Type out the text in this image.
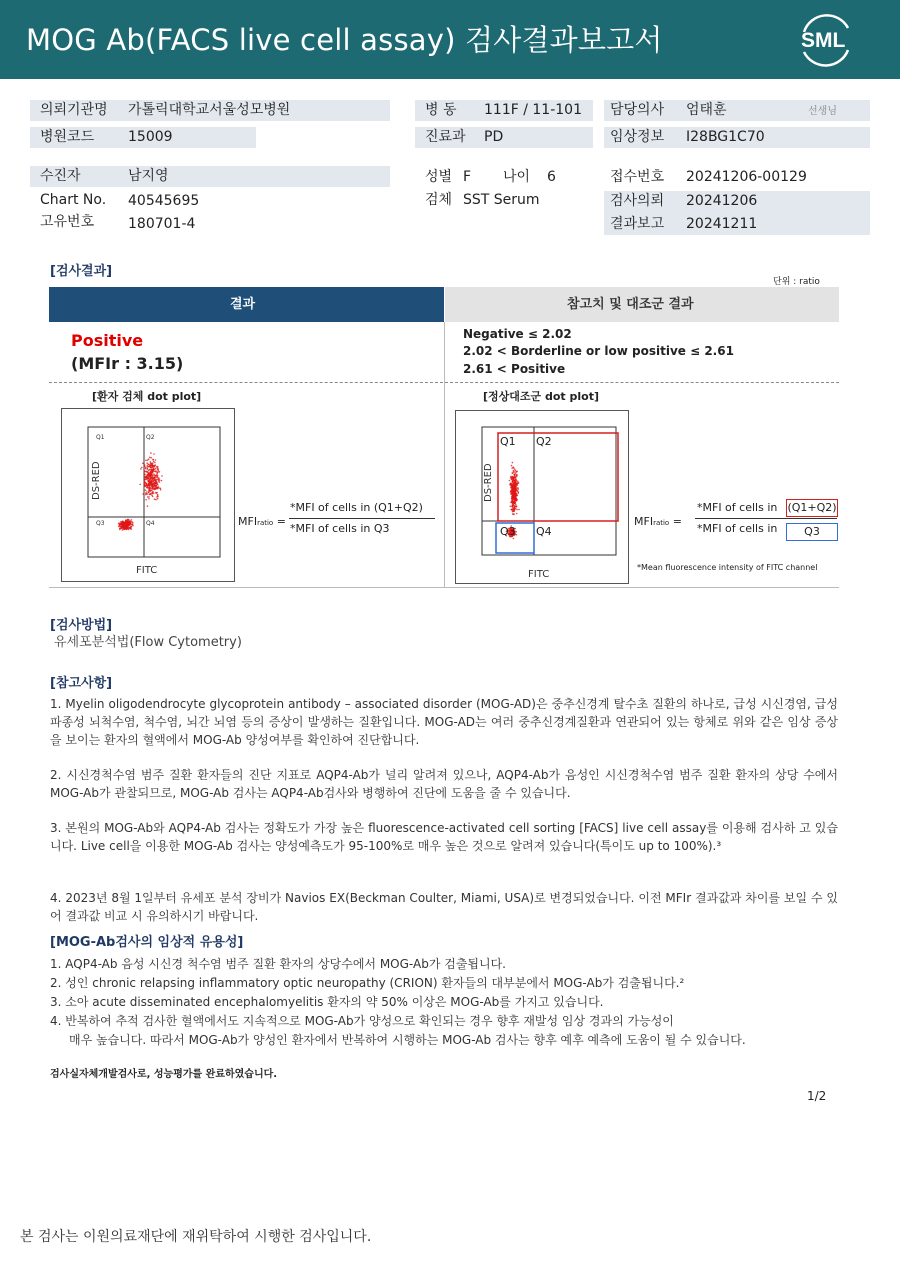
MOG Ab(FACS live cell assay) 검사결과보고서	SML
의뢰기관명 가톨릭대학교서울성모병원
병원코드 15009
병 동 111F / 11-101
진료과 PD
담당의사 엄태훈	선생님
임상정보 I28BG1C70
수진자	남지영
Chart No. 40545695
고유번호 180701-4
성별 F 나이 6
검체 SST Serum
접수번호 20241206-00129
검사의뢰 20241206
결과보고 20241211
[검사결과]
단위 : ratio
결과	참고치 및 대조군 결과
Positive
(MFIr : 3.15)
Negative ≤ 2.02
2.02 < Borderline or low positive ≤ 2.61
2.61 < Positive
[환자 검체 dot plot]
Q1	Q2
Q3	Q4
DS-RED
FITC
MFIratio =
*MFI of cells in (Q1+Q2)
*MFI of cells in Q3
[정상대조군 dot plot]
Q1 Q2
Q3 Q4
DS-RED
FITC
MFIratio =
*MFI of cells in (Q1+Q2)
*MFI of cells in	Q3
*Mean fluorescence intensity of FITC channel
[검사방법]
유세포분석법(Flow Cytometry)
[참고사항]
1. Myelin oligodendrocyte glycoprotein antibody – associated disorder (MOG-AD)은 중추신경계 탈수초 질환의 하나로, 급성 시신경염, 급성파종성 뇌척수염, 척수염, 뇌간 뇌염 등의 증상이 발생하는 질환입니다. MOG-AD는 여러 중추신경계질환과 연관되어 있는 항체로 위와 같은 임상 증상을 보이는 환자의 혈액에서 MOG-Ab 양성여부를 확인하여 진단합니다.
2. 시신경척수염 범주 질환 환자들의 진단 지표로 AQP4-Ab가 널리 알려져 있으나, AQP4-Ab가 음성인 시신경척수염 범주 질환 환자의 상당 수에서 MOG-Ab가 관찰되므로, MOG-Ab 검사는 AQP4-Ab검사와 병행하여 진단에 도움을 줄 수 있습니다.
3. 본원의 MOG-Ab와 AQP4-Ab 검사는 정확도가 가장 높은 fluorescence-activated cell sorting [FACS] live cell assay를 이용해 검사하 고 있습니다. Live cell을 이용한 MOG-Ab 검사는 양성예측도가 95-100%로 매우 높은 것으로 알려져 있습니다(특이도 up to 100%).³
4. 2023년 8월 1일부터 유세포 분석 장비가 Navios EX(Beckman Coulter, Miami, USA)로 변경되었습니다. 이전 MFIr 결과값과 차이를 보일 수 있어 결과값 비교 시 유의하시기 바랍니다.
[MOG-Ab검사의 임상적 유용성]
1. AQP4-Ab 음성 시신경 척수염 범주 질환 환자의 상당수에서 MOG-Ab가 검출됩니다.
2. 성인 chronic relapsing inflammatory optic neuropathy (CRION) 환자들의 대부분에서 MOG-Ab가 검출됩니다.²
3. 소아 acute disseminated encephalomyelitis 환자의 약 50% 이상은 MOG-Ab를 가지고 있습니다.
4. 반복하여 추적 검사한 혈액에서도 지속적으로 MOG-Ab가 양성으로 확인되는 경우 향후 재발성 임상 경과의 가능성이
매우 높습니다. 따라서 MOG-Ab가 양성인 환자에서 반복하여 시행하는 MOG-Ab 검사는 향후 예후 예측에 도움이 될 수 있습니다.
검사실자체개발검사로, 성능평가를 완료하였습니다.
1/2
본 검사는 이원의료재단에 재위탁하여 시행한 검사입니다.
